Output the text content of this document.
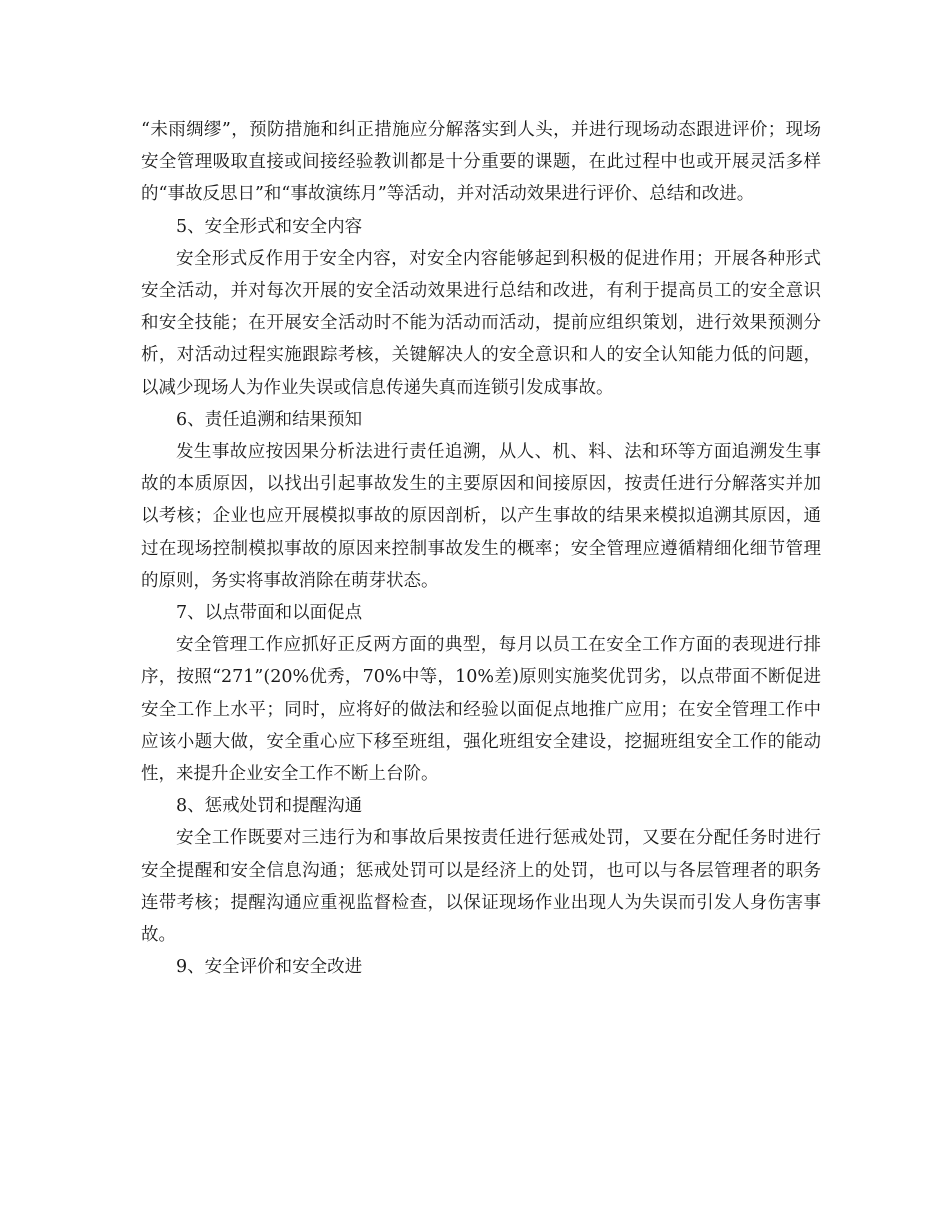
“未雨绸缪”，预防措施和纠正措施应分解落实到人头，并进行现场动态跟进评价；现场安全管理吸取直接或间接经验教训都是十分重要的课题，在此过程中也或开展灵活多样的“事故反思日”和“事故演练月”等活动，并对活动效果进行评价、总结和改进。

5、安全形式和安全内容

安全形式反作用于安全内容，对安全内容能够起到积极的促进作用；开展各种形式安全活动，并对每次开展的安全活动效果进行总结和改进，有利于提高员工的安全意识和安全技能；在开展安全活动时不能为活动而活动，提前应组织策划，进行效果预测分析，对活动过程实施跟踪考核，关键解决人的安全意识和人的安全认知能力低的问题，以减少现场人为作业失误或信息传递失真而连锁引发成事故。

6、责任追溯和结果预知

发生事故应按因果分析法进行责任追溯，从人、机、料、法和环等方面追溯发生事故的本质原因，以找出引起事故发生的主要原因和间接原因，按责任进行分解落实并加以考核；企业也应开展模拟事故的原因剖析，以产生事故的结果来模拟追溯其原因，通过在现场控制模拟事故的原因来控制事故发生的概率；安全管理应遵循精细化细节管理的原则，务实将事故消除在萌芽状态。

7、以点带面和以面促点

安全管理工作应抓好正反两方面的典型，每月以员工在安全工作方面的表现进行排序，按照“271”(20%优秀，70%中等，10%差)原则实施奖优罚劣，以点带面不断促进安全工作上水平；同时，应将好的做法和经验以面促点地推广应用；在安全管理工作中应该小题大做，安全重心应下移至班组，强化班组安全建设，挖掘班组安全工作的能动性，来提升企业安全工作不断上台阶。

8、惩戒处罚和提醒沟通

安全工作既要对三违行为和事故后果按责任进行惩戒处罚，又要在分配任务时进行安全提醒和安全信息沟通；惩戒处罚可以是经济上的处罚，也可以与各层管理者的职务连带考核；提醒沟通应重视监督检查，以保证现场作业出现人为失误而引发人身伤害事故。

9、安全评价和安全改进
